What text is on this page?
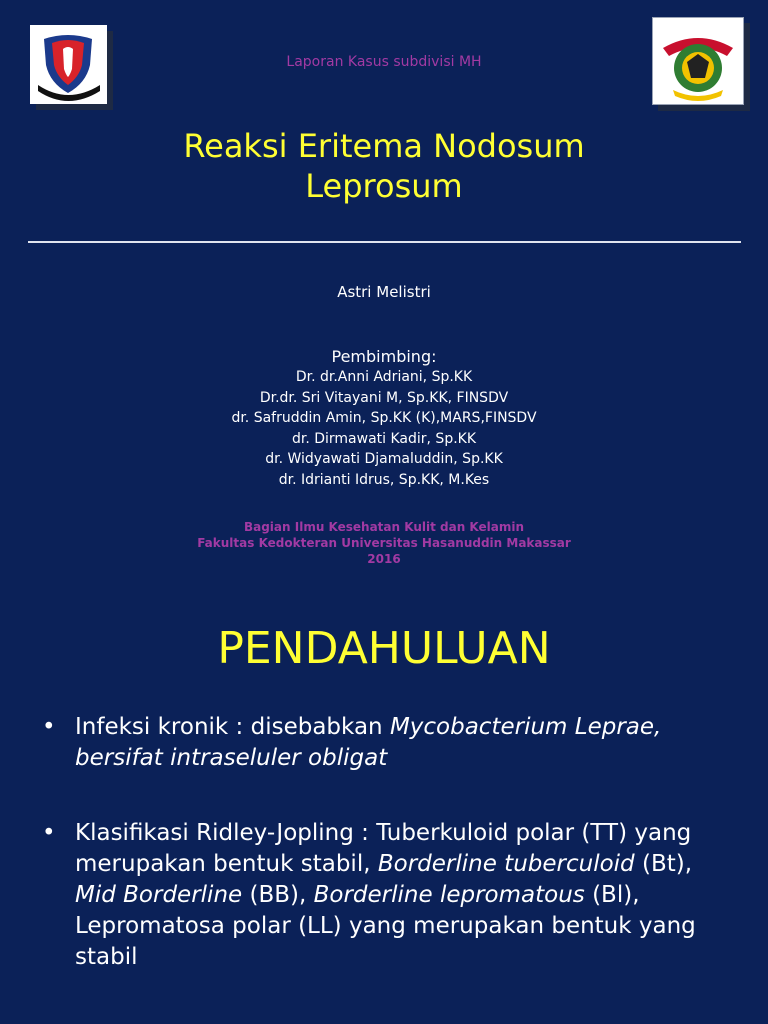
Laporan Kasus subdivisi MH
Reaksi Eritema Nodosum
Leprosum
Astri Melistri
Pembimbing:
Dr. dr.Anni Adriani, Sp.KK
Dr.dr. Sri Vitayani M, Sp.KK, FINSDV
dr. Safruddin Amin, Sp.KK (K),MARS,FINSDV
dr. Dirmawati Kadir, Sp.KK
dr. Widyawati Djamaluddin, Sp.KK
dr. Idrianti Idrus, Sp.KK, M.Kes
Bagian Ilmu Kesehatan Kulit dan Kelamin
Fakultas Kedokteran Universitas Hasanuddin Makassar
2016
PENDAHULUAN
• Infeksi kronik : disebabkan Mycobacterium Leprae, bersifat intraseluler obligat
• Klasifikasi Ridley-Jopling : Tuberkuloid polar (TT) yang merupakan bentuk stabil, Borderline tuberculoid (Bt), Mid Borderline (BB), Borderline lepromatous (Bl), Lepromatosa polar (LL) yang merupakan bentuk yang stabil
